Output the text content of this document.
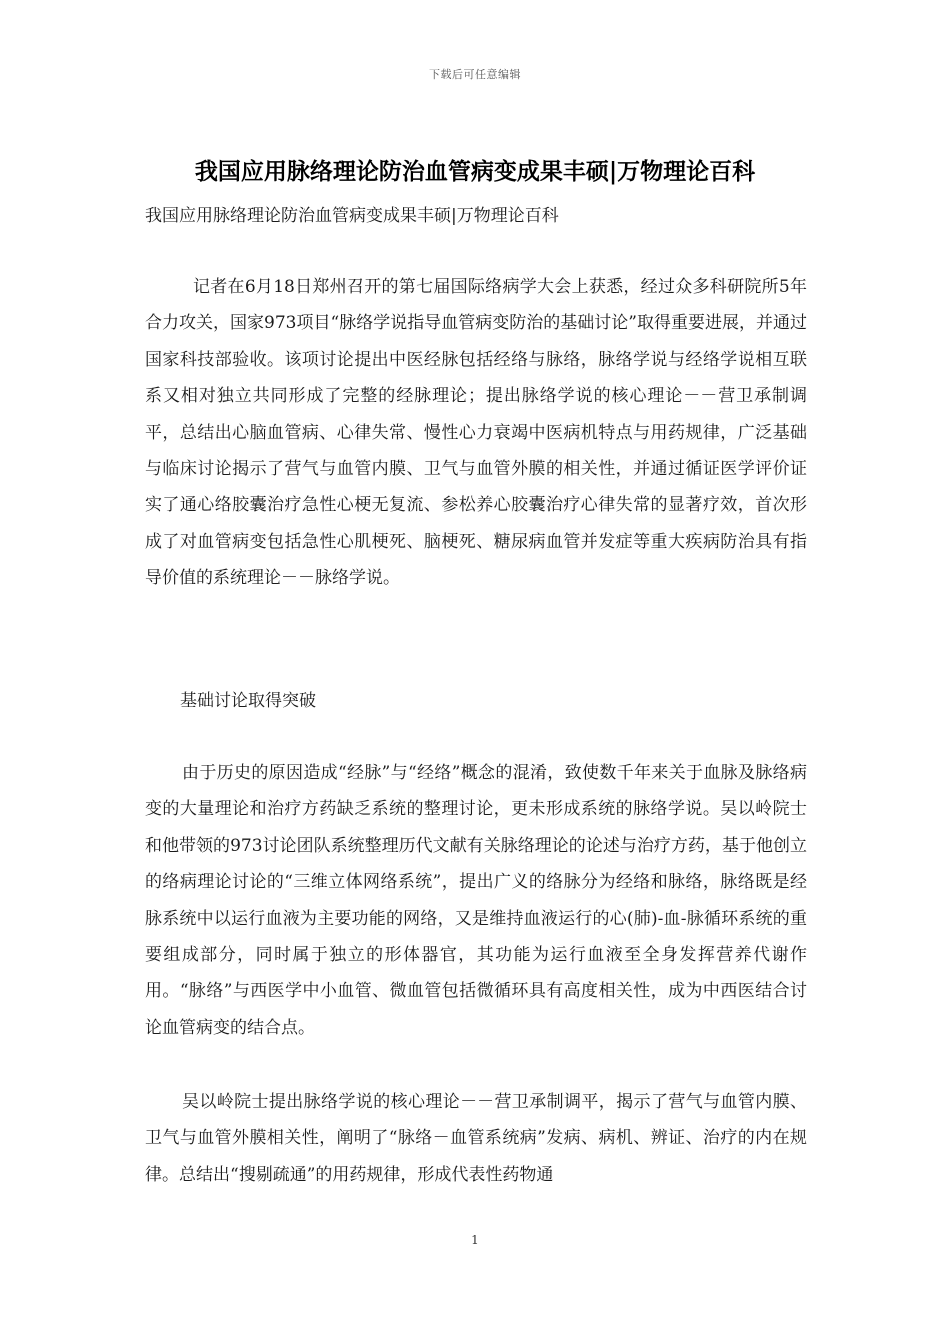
下载后可任意编辑
我国应用脉络理论防治血管病变成果丰硕|万物理论百科
我国应用脉络理论防治血管病变成果丰硕|万物理论百科

记者在6月18日郑州召开的第七届国际络病学大会上获悉，经过众多科研院所5年合力攻关，国家973项目“脉络学说指导血管病变防治的基础讨论”取得重要进展，并通过国家科技部验收。该项讨论提出中医经脉包括经络与脉络，脉络学说与经络学说相互联系又相对独立共同形成了完整的经脉理论；提出脉络学说的核心理论－－营卫承制调平，总结出心脑血管病、心律失常、慢性心力衰竭中医病机特点与用药规律，广泛基础与临床讨论揭示了营气与血管内膜、卫气与血管外膜的相关性，并通过循证医学评价证实了通心络胶囊治疗急性心梗无复流、参松养心胶囊治疗心律失常的显著疗效，首次形成了对血管病变包括急性心肌梗死、脑梗死、糖尿病血管并发症等重大疾病防治具有指导价值的系统理论－－脉络学说。

基础讨论取得突破

由于历史的原因造成“经脉”与“经络”概念的混淆，致使数千年来关于血脉及脉络病变的大量理论和治疗方药缺乏系统的整理讨论，更未形成系统的脉络学说。吴以岭院士和他带领的973讨论团队系统整理历代文献有关脉络理论的论述与治疗方药，基于他创立的络病理论讨论的“三维立体网络系统”，提出广义的络脉分为经络和脉络，脉络既是经脉系统中以运行血液为主要功能的网络，又是维持血液运行的心(肺)-血-脉循环系统的重要组成部分，同时属于独立的形体器官，其功能为运行血液至全身发挥营养代谢作用。“脉络”与西医学中小血管、微血管包括微循环具有高度相关性，成为中西医结合讨论血管病变的结合点。

吴以岭院士提出脉络学说的核心理论－－营卫承制调平，揭示了营气与血管内膜、卫气与血管外膜相关性，阐明了“脉络－血管系统病”发病、病机、辨证、治疗的内在规律。总结出“搜剔疏通”的用药规律，形成代表性药物通

1
